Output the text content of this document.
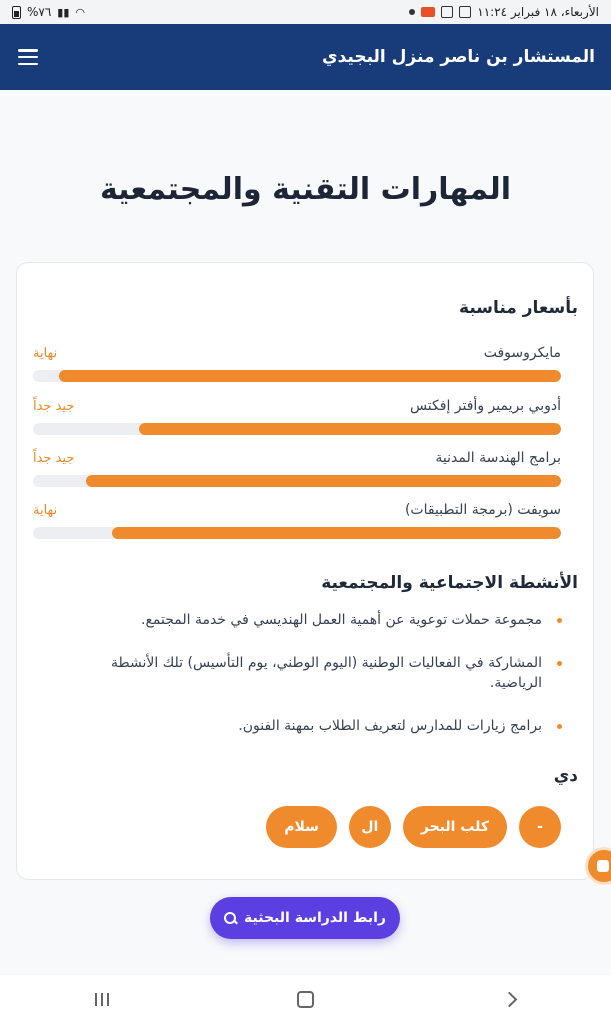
%٧٦ ▮▮ ◠	الأربعاء، ١٨ فبراير ١١:٢٤
المستشار بن ناصر منزل البجيدي
المهارات التقنية والمجتمعية
بأسعار مناسبة
مايكروسوفت
نهاية
أدوبي بريمير وأفتر إفكتس
جيد جداً
برامج الهندسة المدنية
جيد جداً
سويفت (برمجة التطبيقات)
نهاية
الأنشطة الاجتماعية والمجتمعية
مجموعة حملات توعوية عن أهمية العمل الهنديسي في خدمة المجتمع.
المشاركة في الفعاليات الوطنية (اليوم الوطني، يوم التأسيس) تلك الأنشطة الرياضية.
برامج زيارات للمدارس لتعريف الطلاب بمهنة الفنون.
دي
-
كلب البحر
ال
سلام
رابط الدراسة البحثية
